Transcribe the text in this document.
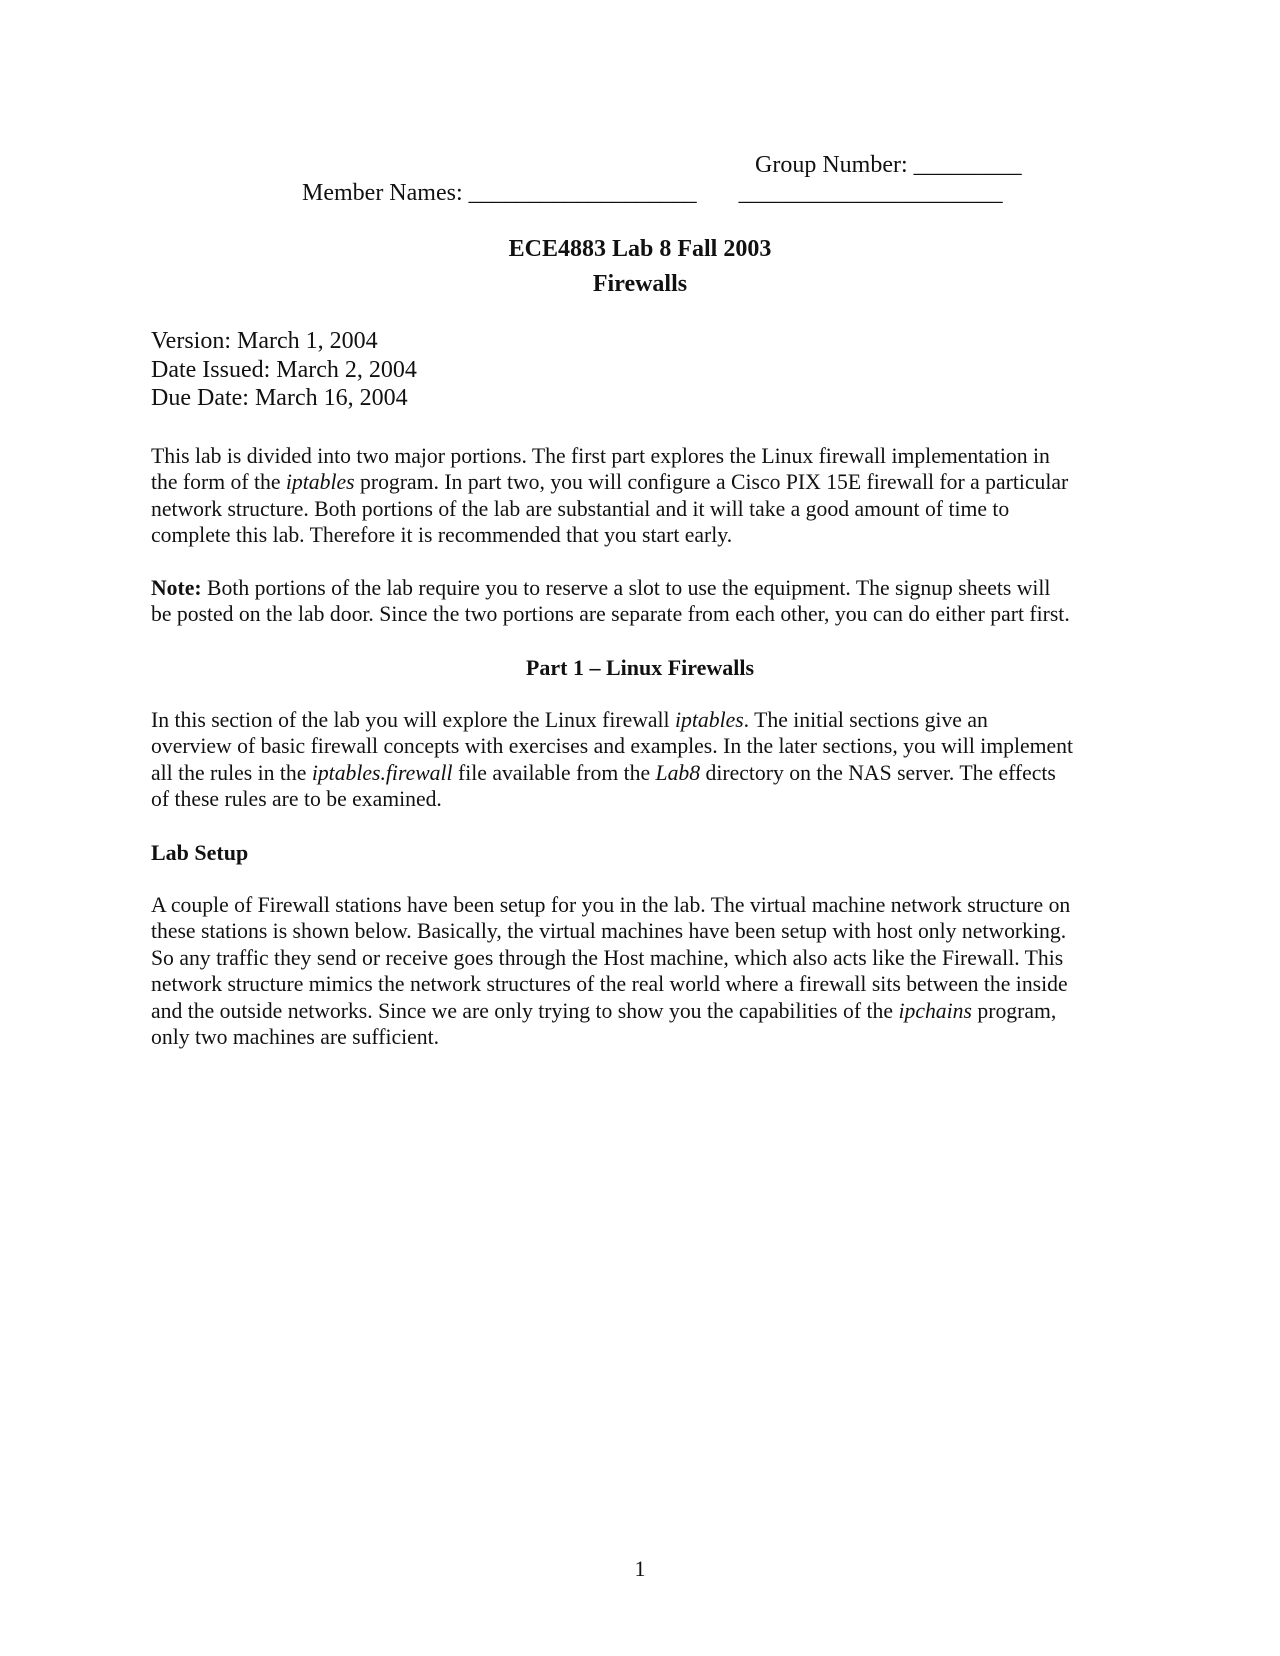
Group Number: _________
Member Names: ___________________ ______________________
ECE4883 Lab 8 Fall 2003
Firewalls
Version: March 1, 2004
Date Issued: March 2, 2004
Due Date: March 16, 2004
This lab is divided into two major portions. The first part explores the Linux firewall implementation in
the form of the iptables program. In part two, you will configure a Cisco PIX 15E firewall for a particular
network structure. Both portions of the lab are substantial and it will take a good amount of time to
complete this lab. Therefore it is recommended that you start early.
Note: Both portions of the lab require you to reserve a slot to use the equipment. The signup sheets will
be posted on the lab door. Since the two portions are separate from each other, you can do either part first.
Part 1 – Linux Firewalls
In this section of the lab you will explore the Linux firewall iptables. The initial sections give an
overview of basic firewall concepts with exercises and examples. In the later sections, you will implement
all the rules in the iptables.firewall file available from the Lab8 directory on the NAS server. The effects
of these rules are to be examined.
Lab Setup
A couple of Firewall stations have been setup for you in the lab. The virtual machine network structure on
these stations is shown below. Basically, the virtual machines have been setup with host only networking.
So any traffic they send or receive goes through the Host machine, which also acts like the Firewall. This
network structure mimics the network structures of the real world where a firewall sits between the inside
and the outside networks. Since we are only trying to show you the capabilities of the ipchains program,
only two machines are sufficient.
1
